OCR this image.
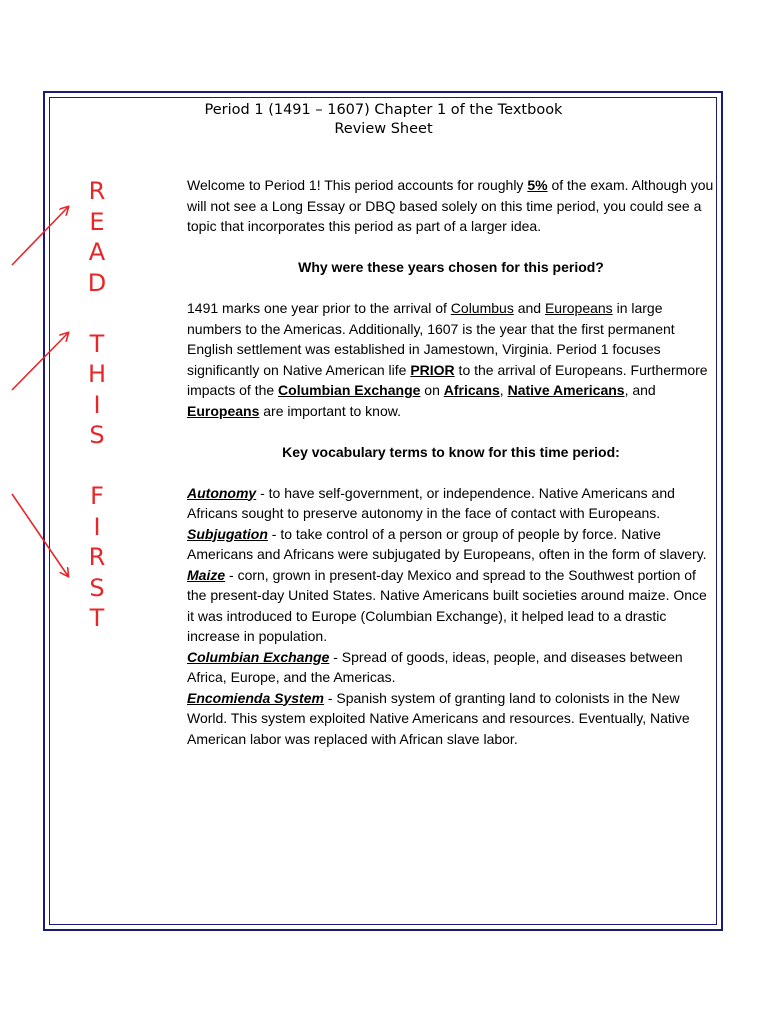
Period 1 (1491 – 1607) Chapter 1 of the Textbook
Review Sheet
R
E
A
D
T
H
I
S
F
I
R
S
T

Welcome to Period 1! This period accounts for roughly 5% of the exam. Although you will not see a Long Essay or DBQ based solely on this time period, you could see a topic that incorporates this period as part of a larger idea.

Why were these years chosen for this period?

1491 marks one year prior to the arrival of Columbus and Europeans in large numbers to the Americas. Additionally, 1607 is the year that the first permanent English settlement was established in Jamestown, Virginia. Period 1 focuses significantly on Native American life PRIOR to the arrival of Europeans. Furthermore impacts of the Columbian Exchange on Africans, Native Americans, and Europeans are important to know.

Key vocabulary terms to know for this time period:

Autonomy - to have self-government, or independence. Native Americans and Africans sought to preserve autonomy in the face of contact with Europeans.

Subjugation - to take control of a person or group of people by force. Native Americans and Africans were subjugated by Europeans, often in the form of slavery.

Maize - corn, grown in present-day Mexico and spread to the Southwest portion of the present-day United States. Native Americans built societies around maize. Once it was introduced to Europe (Columbian Exchange), it helped lead to a drastic increase in population.

Columbian Exchange - Spread of goods, ideas, people, and diseases between Africa, Europe, and the Americas.

Encomienda System - Spanish system of granting land to colonists in the New World. This system exploited Native Americans and resources. Eventually, Native American labor was replaced with African slave labor.
